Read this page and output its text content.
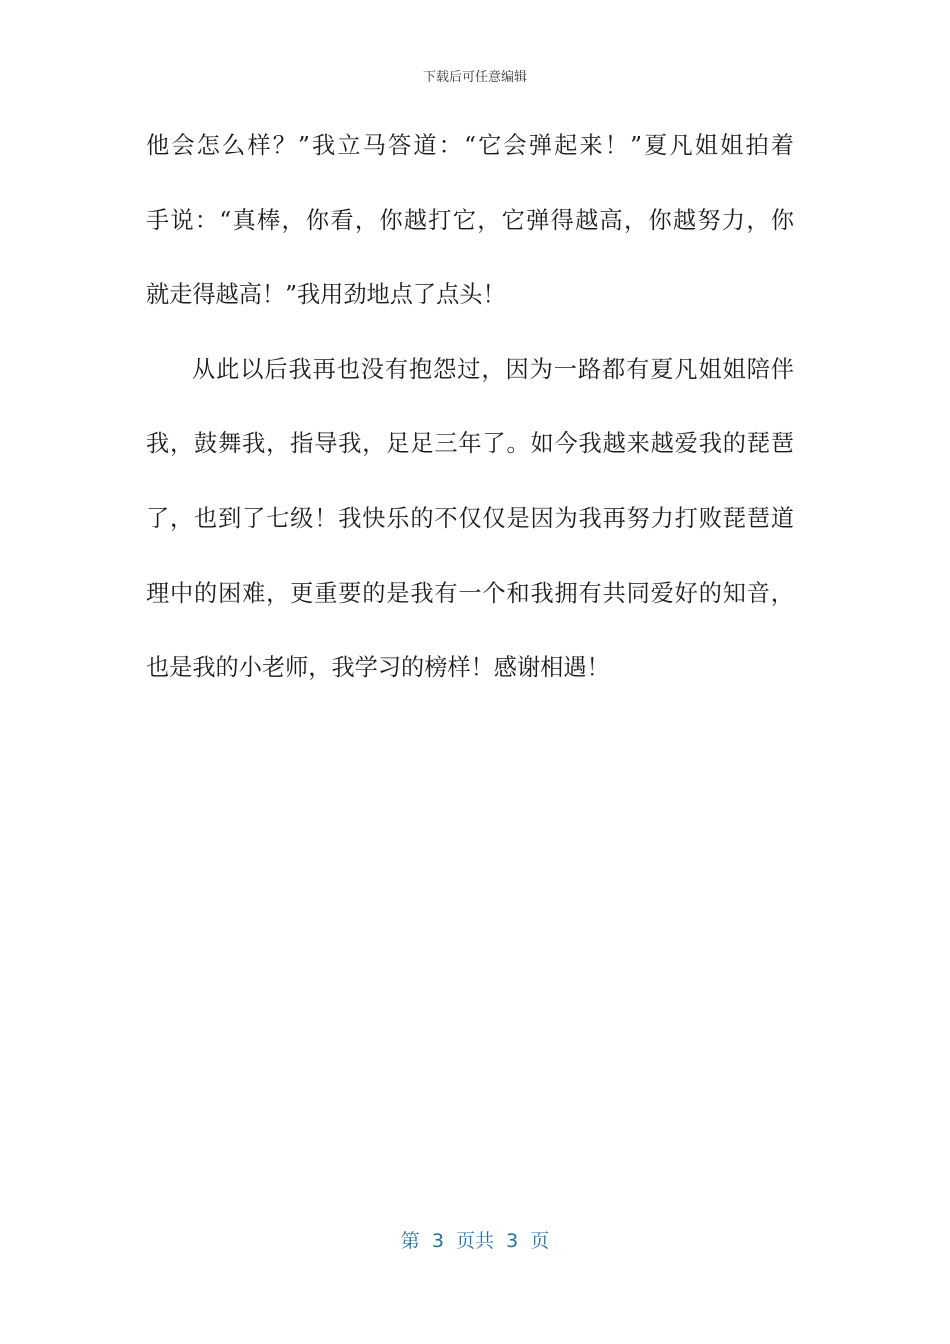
下载后可任意编辑
他会怎么样？”我立马答道：“它会弹起来！”夏凡姐姐拍着
手说：“真棒，你看，你越打它，它弹得越高，你越努力，你
就走得越高！”我用劲地点了点头！
从此以后我再也没有抱怨过，因为一路都有夏凡姐姐陪伴
我，鼓舞我，指导我，足足三年了。如今我越来越爱我的琵琶
了，也到了七级！我快乐的不仅仅是因为我再努力打败琵琶道
理中的困难，更重要的是我有一个和我拥有共同爱好的知音，
也是我的小老师，我学习的榜样！感谢相遇！
第  3  页共  3  页
